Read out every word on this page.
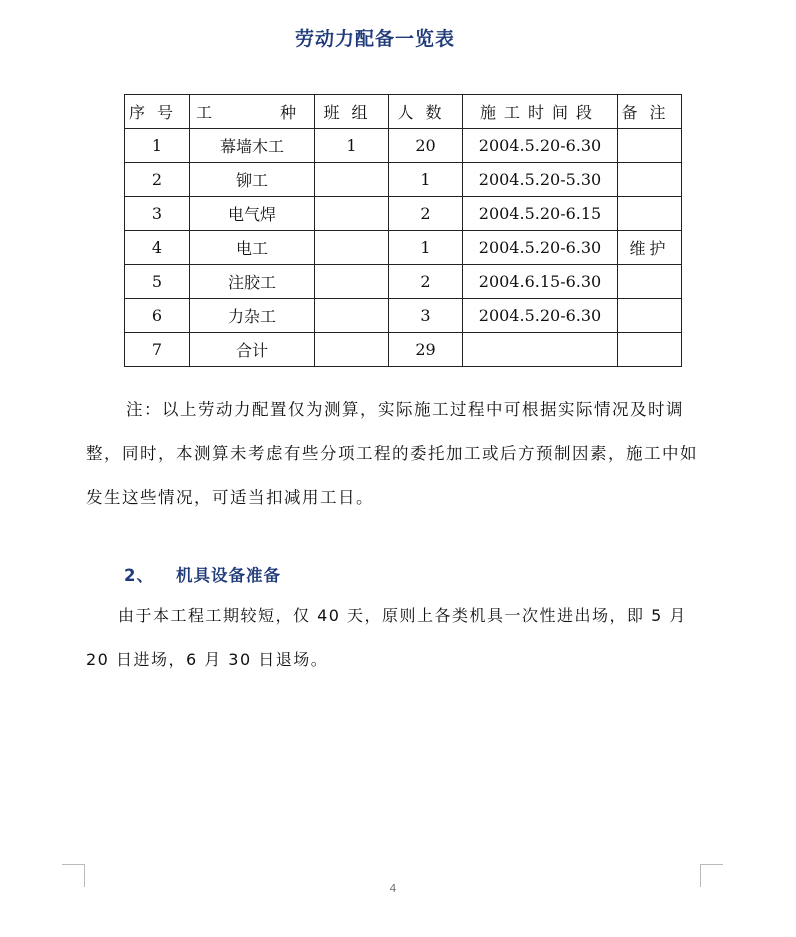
劳动力配备一览表
序号	工　　种	班组	人数	施工时间段	备注
1	幕墙木工	1	20	2004.5.20-6.30	
2	铆工		1	2004.5.20-5.30	
3	电气焊		2	2004.5.20-6.15	
4	电工		1	2004.5.20-6.30	维护
5	注胶工		2	2004.6.15-6.30	
6	力杂工		3	2004.5.20-6.30	
7	合计		29		
注：以上劳动力配置仅为测算，实际施工过程中可根据实际情况及时调整，同时，本测算未考虑有些分项工程的委托加工或后方预制因素，施工中如发生这些情况，可适当扣减用工日。
2、 机具设备准备
由于本工程工期较短，仅 40 天，原则上各类机具一次性进出场，即 5 月 20 日进场，6 月 30 日退场。
4
